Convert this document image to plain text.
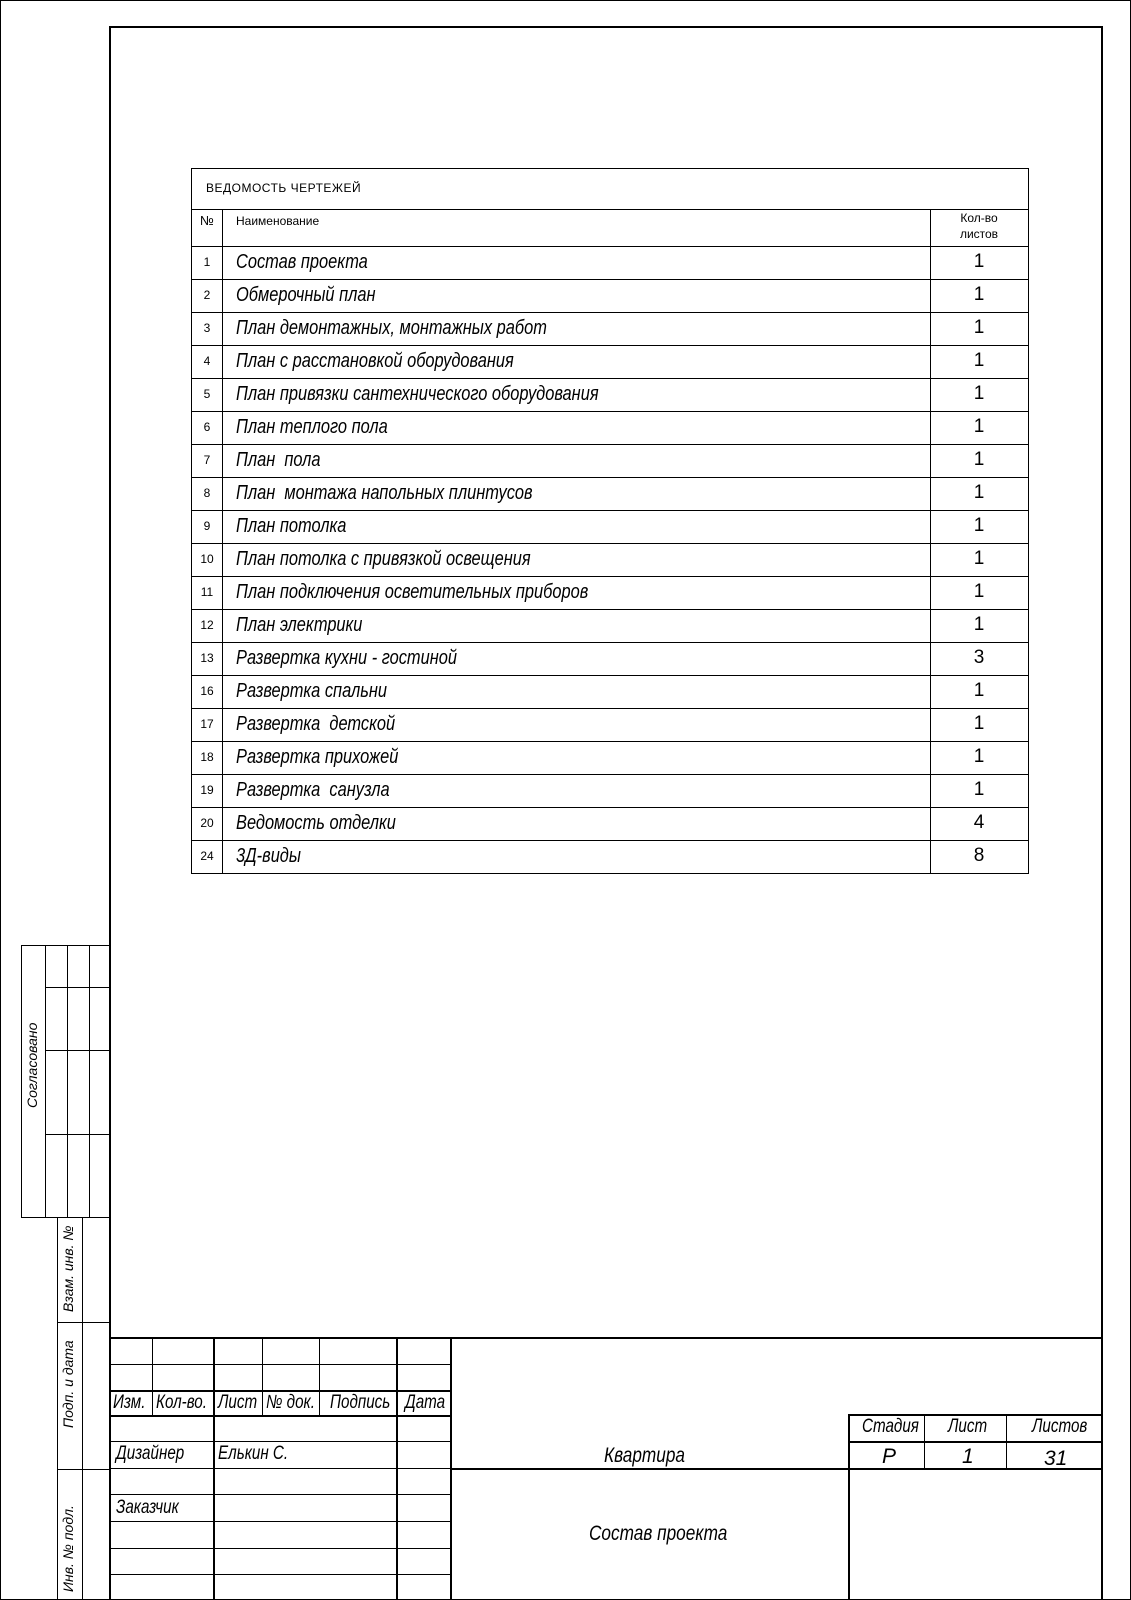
ВЕДОМОСТЬ ЧЕРТЕЖЕЙ
№ Наименование	Кол-во
листов
1	Состав проекта	1
2	Обмерочный план	1
3	План демонтажных, монтажных работ	1
4	План с расстановкой оборудования	1
5	План привязки сантехнического оборудования	1
6	План теплого пола	1
7	План  пола	1
8	План  монтажа напольных плинтусов	1
9	План потолка	1
10	План потолка с привязкой освещения	1
11	План подключения осветительных приборов	1
12	План электрики	1
13	Развертка кухни - гостиной	3
16	Развертка спальни	1
17	Развертка  детской	1
18	Развертка прихожей	1
19	Развертка  санузла	1
20	Ведомость отделки	4
24	3Д-виды	8
Согласовано
Взам. инв. №
Подп. и дата
Инв. № подл.
Изм. Кол-во. Лист № док. Подпись Дата
Дизайнер Елькин С.
Заказчик
Квартира
Состав проекта
Стадия Лист Листов
Р	1	31
